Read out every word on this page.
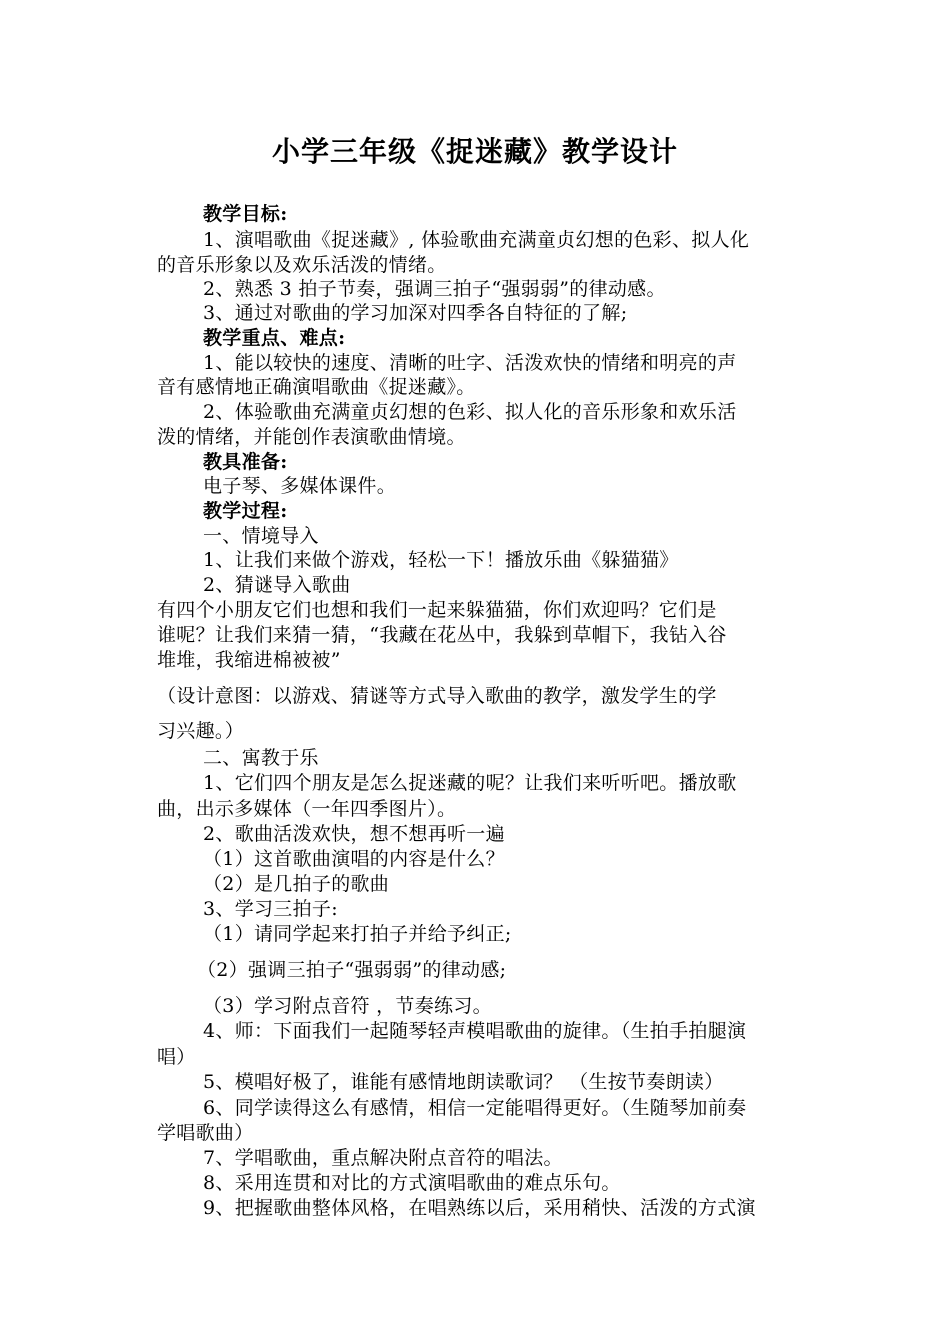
小学三年级《捉迷藏》教学设计
教学目标:
1、演唱歌曲《捉迷藏》, 体验歌曲充满童贞幻想的色彩、拟人化
的音乐形象以及欢乐活泼的情绪。
2、熟悉 3 拍子节奏，强调三拍子“强弱弱”的律动感。
3、通过对歌曲的学习加深对四季各自特征的了解;
教学重点、难点:
1、能以较快的速度、清晰的吐字、活泼欢快的情绪和明亮的声
音有感情地正确演唱歌曲《捉迷藏》。
2、体验歌曲充满童贞幻想的色彩、拟人化的音乐形象和欢乐活
泼的情绪，并能创作表演歌曲情境。
教具准备:
电子琴、多媒体课件。
教学过程:
一、情境导入
1、让我们来做个游戏，轻松一下！播放乐曲《躲猫猫》
2、猜谜导入歌曲
有四个小朋友它们也想和我们一起来躲猫猫，你们欢迎吗？它们是
谁呢？让我们来猜一猜，“我藏在花丛中，我躲到草帽下，我钻入谷
堆堆，我缩进棉被被”
（设计意图：以游戏、猜谜等方式导入歌曲的教学，激发学生的学
习兴趣。）
二、寓教于乐
1、它们四个朋友是怎么捉迷藏的呢？让我们来听听吧。播放歌
曲，出示多媒体（一年四季图片）。
2、歌曲活泼欢快，想不想再听一遍
（1）这首歌曲演唱的内容是什么？
（2）是几拍子的歌曲
3、学习三拍子:
（1）请同学起来打拍子并给予纠正;
（2）强调三拍子“强弱弱”的律动感;
（3）学习附点音符 ，节奏练习。
4、师：下面我们一起随琴轻声模唱歌曲的旋律。（生拍手拍腿演
唱）
5、模唱好极了，谁能有感情地朗读歌词？ （生按节奏朗读）
6、同学读得这么有感情，相信一定能唱得更好。（生随琴加前奏
学唱歌曲）
7、学唱歌曲，重点解决附点音符的唱法。
8、采用连贯和对比的方式演唱歌曲的难点乐句。
9、把握歌曲整体风格，在唱熟练以后，采用稍快、活泼的方式演
